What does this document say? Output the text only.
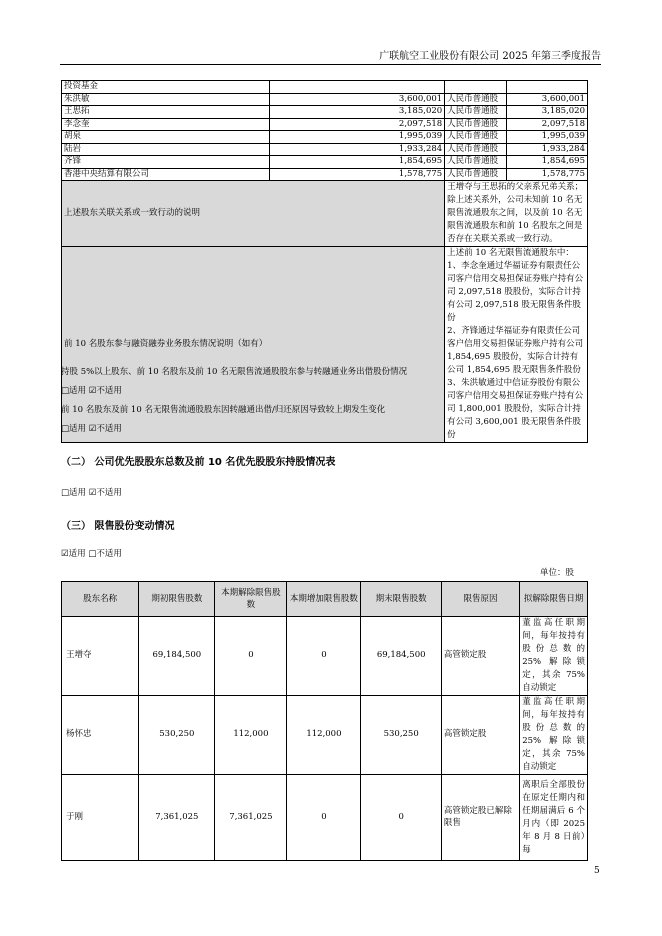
广联航空工业股份有限公司 2025 年第三季度报告
投资基金			
朱洪敏	3,600,001	人民币普通股	3,600,001
王思拓	3,185,020	人民币普通股	3,185,020
李念奎	2,097,518	人民币普通股	2,097,518
胡泉	1,995,039	人民币普通股	1,995,039
陆岩	1,933,284	人民币普通股	1,933,284
齐锋	1,854,695	人民币普通股	1,854,695
香港中央结算有限公司	1,578,775	人民币普通股	1,578,775
上述股东关联关系或一致行动的说明		王增夺与王思拓的父亲系兄弟关系；除上述关系外，公司未知前 10 名无限售流通股东之间，以及前 10 名无限售流通股东和前 10 名股东之间是否存在关联关系或一致行动。	
前 10 名股东参与融资融券业务股东情况说明（如有）		上述前 10 名无限售流通股东中：
1、李念奎通过华福证券有限责任公司客户信用交易担保证券账户持有公司 2,097,518 股股份，实际合计持有公司 2,097,518 股无限售条件股份
2、齐锋通过华福证券有限责任公司客户信用交易担保证券账户持有公司 1,854,695 股股份，实际合计持有公司 1,854,695 股无限售条件股份
3、朱洪敏通过中信证券股份有限公司客户信用交易担保证券账户持有公司 1,800,001 股股份，实际合计持有公司 3,600,001 股无限售条件股份	
持股 5%以上股东、前 10 名股东及前 10 名无限售流通股股东参与转融通业务出借股份情况
□适用 ☑不适用
前 10 名股东及前 10 名无限售流通股股东因转融通出借/归还原因导致较上期发生变化
□适用 ☑不适用
（二） 公司优先股股东总数及前 10 名优先股股东持股情况表
□适用 ☑不适用
（三） 限售股份变动情况
☑适用 □不适用
单位：股
股东名称	期初限售股数	本期解除限售股数	本期增加限售股数	期末限售股数	限售原因	拟解除限售日期
王增夺	69,184,500	0	0	69,184,500	高管锁定股	董监高任职期间，每年按持有股份总数的 25% 解除锁定，其余 75% 自动锁定
杨怀忠	530,250	112,000	112,000	530,250	高管锁定股	董监高任职期间，每年按持有股份总数的 25% 解除锁定，其余 75% 自动锁定
于刚	7,361,025	7,361,025	0	0	高管锁定股已解除限售	离职后全部股份在原定任期内和任期届满后 6 个月内（即 2025 年 8 月 8 日前）每
5
